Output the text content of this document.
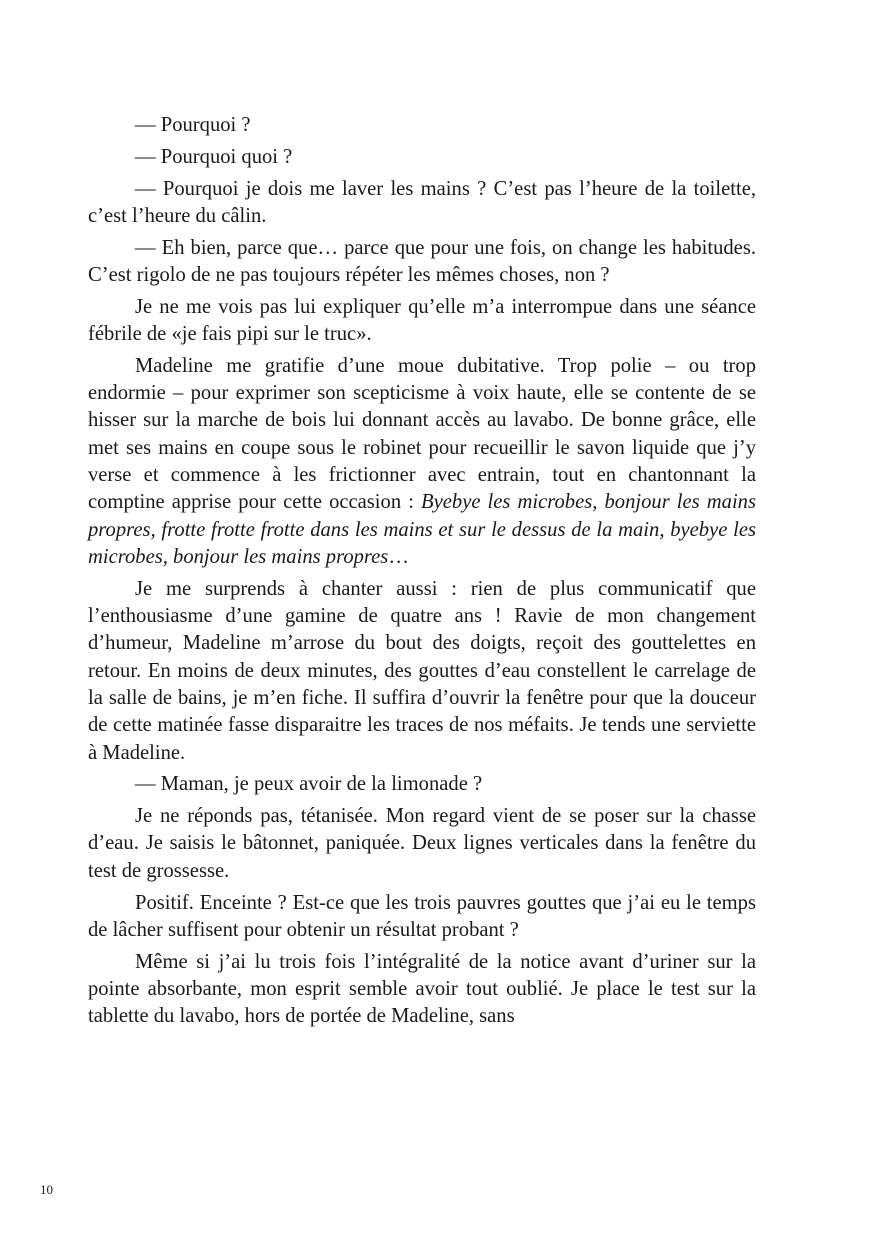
— Pourquoi ?

— Pourquoi quoi ?

— Pourquoi je dois me laver les mains ? C’est pas l’heure de la toilette, c’est l’heure du câlin.

— Eh bien, parce que… parce que pour une fois, on change les habitudes. C’est rigolo de ne pas toujours répéter les mêmes choses, non ?

Je ne me vois pas lui expliquer qu’elle m’a interrompue dans une séance fébrile de «je fais pipi sur le truc».

Madeline me gratifie d’une moue dubitative. Trop polie – ou trop endormie – pour exprimer son scepticisme à voix haute, elle se contente de se hisser sur la marche de bois lui donnant accès au lavabo. De bonne grâce, elle met ses mains en coupe sous le robinet pour recueillir le savon liquide que j’y verse et commence à les frictionner avec entrain, tout en chantonnant la comptine apprise pour cette occasion : Byebye les microbes, bonjour les mains propres, frotte frotte frotte dans les mains et sur le dessus de la main, byebye les microbes, bonjour les mains propres…

Je me surprends à chanter aussi : rien de plus communicatif que l’enthousiasme d’une gamine de quatre ans ! Ravie de mon changement d’humeur, Madeline m’arrose du bout des doigts, reçoit des gouttelettes en retour. En moins de deux minutes, des gouttes d’eau constellent le carrelage de la salle de bains, je m’en fiche. Il suffira d’ouvrir la fenêtre pour que la douceur de cette matinée fasse disparaitre les traces de nos méfaits. Je tends une serviette à Madeline.

— Maman, je peux avoir de la limonade ?

Je ne réponds pas, tétanisée. Mon regard vient de se poser sur la chasse d’eau. Je saisis le bâtonnet, paniquée. Deux lignes verticales dans la fenêtre du test de grossesse.

Positif. Enceinte ? Est-ce que les trois pauvres gouttes que j’ai eu le temps de lâcher suffisent pour obtenir un résultat probant ?

Même si j’ai lu trois fois l’intégralité de la notice avant d’uriner sur la pointe absorbante, mon esprit semble avoir tout oublié. Je place le test sur la tablette du lavabo, hors de portée de Madeline, sans

10
